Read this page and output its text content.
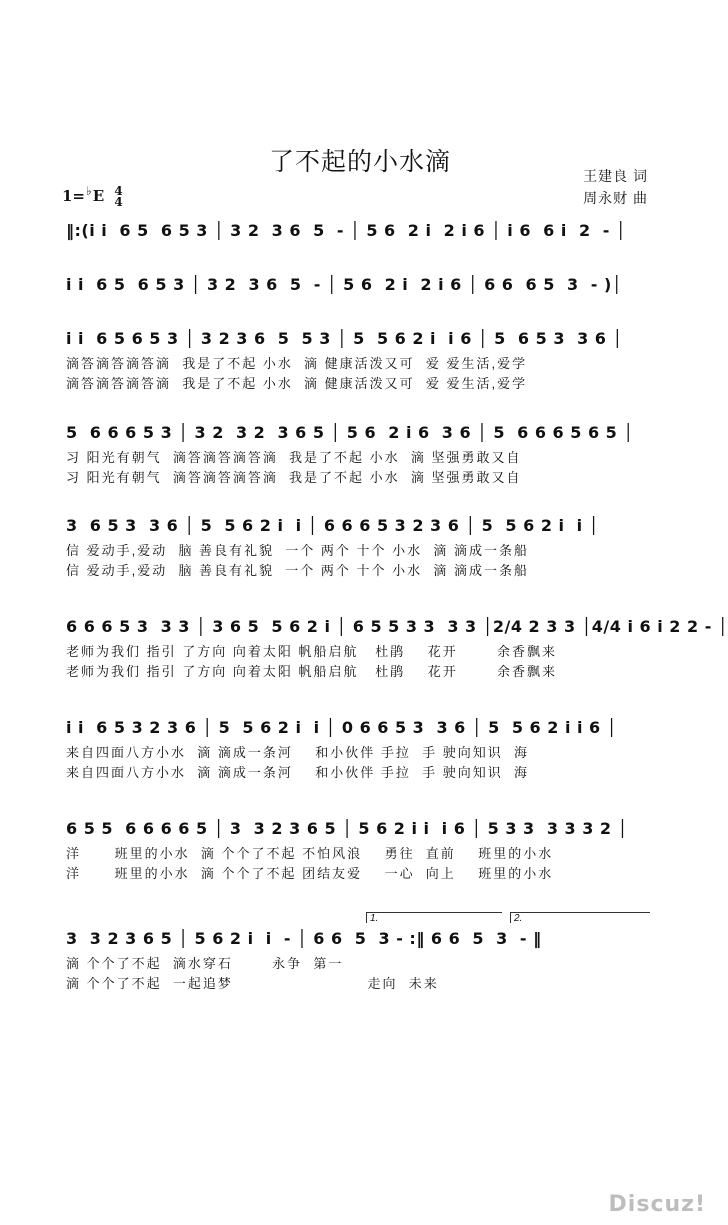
了不起的小水滴	王建良 词
周永财 曲
1=♭E 4
4
‖:(i i  6 5  6 5 3 │ 3 2  3 6  5  - │ 5 6  2 i  2 i 6 │ i 6  6 i  2  - │
i i  6 5  6 5 3 │ 3 2  3 6  5  - │ 5 6  2 i  2 i 6 │ 6 6  6 5  3  - )│
i i  6 5 6 5 3 │ 3 2 3 6  5  5 3 │ 5  5 6 2 i  i 6 │ 5  6 5 3  3 6 │
滴答滴答滴答滴  我是了不起 小水  滴 健康活泼又可  爱 爱生活,爱学
滴答滴答滴答滴  我是了不起 小水  滴 健康活泼又可  爱 爱生活,爱学
5  6 6 6 5 3 │ 3 2  3 2  3 6 5 │ 5 6  2 i 6  3 6 │ 5  6 6 6 5 6 5 │
习 阳光有朝气  滴答滴答滴答滴  我是了不起 小水  滴 坚强勇敢又自
习 阳光有朝气  滴答滴答滴答滴  我是了不起 小水  滴 坚强勇敢又自
3  6 5 3  3 6 │ 5  5 6 2 i  i │ 6 6 6 5 3 2 3 6 │ 5  5 6 2 i  i │
信 爱动手,爱动  脑 善良有礼貌  一个 两个 十个 小水  滴 滴成一条船
信 爱动手,爱动  脑 善良有礼貌  一个 两个 十个 小水  滴 滴成一条船
6 6 6 5 3  3 3 │ 3 6 5  5 6 2 i │ 6 5 5 3 3  3 3 │2/4 2 3 3 │4/4 i 6 i 2 2 - │
老师为我们 指引 了方向 向着太阳 帆船启航   杜鹃    花开       余香飘来
老师为我们 指引 了方向 向着太阳 帆船启航   杜鹃    花开       余香飘来
i i  6 5 3 2 3 6 │ 5  5 6 2 i  i │ 0 6 6 5 3  3 6 │ 5  5 6 2 i i 6 │
来自四面八方小水  滴 滴成一条河    和小伙伴 手拉  手 驶向知识  海
来自四面八方小水  滴 滴成一条河    和小伙伴 手拉  手 驶向知识  海
6 5 5  6 6 6 6 5 │ 3  3 2 3 6 5 │ 5 6 2 i i  i 6 │ 5 3 3  3 3 3 2 │
洋      班里的小水  滴 个个了不起 不怕风浪    勇往  直前    班里的小水
洋      班里的小水  滴 个个了不起 团结友爱    一心  向上    班里的小水
1.	2.
3  3 2 3 6 5 │ 5 6 2 i  i  - │ 6 6  5  3 - :‖ 6 6  5  3  - ‖
滴 个个了不起  滴水穿石       永争  第一
滴 个个了不起  一起追梦                        走向  未来
Discuz!
